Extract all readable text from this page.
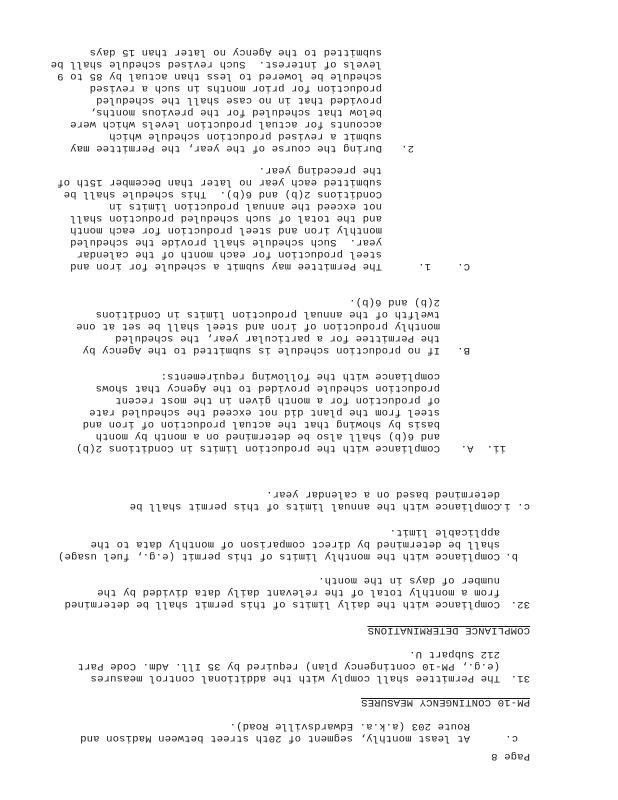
Page 8
c.
At least monthly, segment of 20th street between Madison and
Route 203 (a.k.a. Edwardsville Road).
PM-10 CONTINGENCY MEASURES
31.
The Permittee shall comply with the additional control measures
(e.g., PM-10 contingency plan) required by 35 Ill. Adm. Code Part
212 Subpart U.
COMPLIANCE DETERMINATIONS
32.
Compliance with the daily limits of this permit shall be determined
from a monthly total of the relevant daily data divided by the
number of days in the month.
b.
Compliance with the monthly limits of this permit (e.g., fuel usage)
shall be determined by direct comparison of monthly data to the
applicable limit.
c. i.
Compliance with the annual limits of this permit shall be
determined based on a calendar year.
ii.  A.
Compliance with the production limits in Conditions 2(b)
and 6(b) shall also be determined on a month by month
basis by showing that the actual production of iron and
steel from the plant did not exceed the scheduled rate
of production for a month given in the most recent
production schedule provided to the Agency that shows
compliance with the following requirements:
B.
If no production schedule is submitted to the Agency by
the Permittee for a particular year, the scheduled
monthly production of iron and steel shall be set at one
twelfth of the annual production limits in Conditions
2(b) and 6(b).
C.    1.
The Permittee may submit a schedule for iron and
steel production for each month of the calendar
year.  Such schedule shall provide the scheduled
monthly iron and steel production for each month
and the total of such scheduled production shall
not exceed the annual production limits in
Conditions 2(b) and 6(b).  This schedule shall be
submitted each year no later than December 15th of
the preceding year.
2.
During the course of the year, the Permittee may
submit a revised production schedule which
accounts for actual production levels which were
below that scheduled for the previous months,
provided that in no case shall the scheduled
production for prior months in such a revised
schedule be lowered to less than actual by 85 to 9
levels of interest.  Such revised schedule shall be
submitted to the Agency no later than 15 days
